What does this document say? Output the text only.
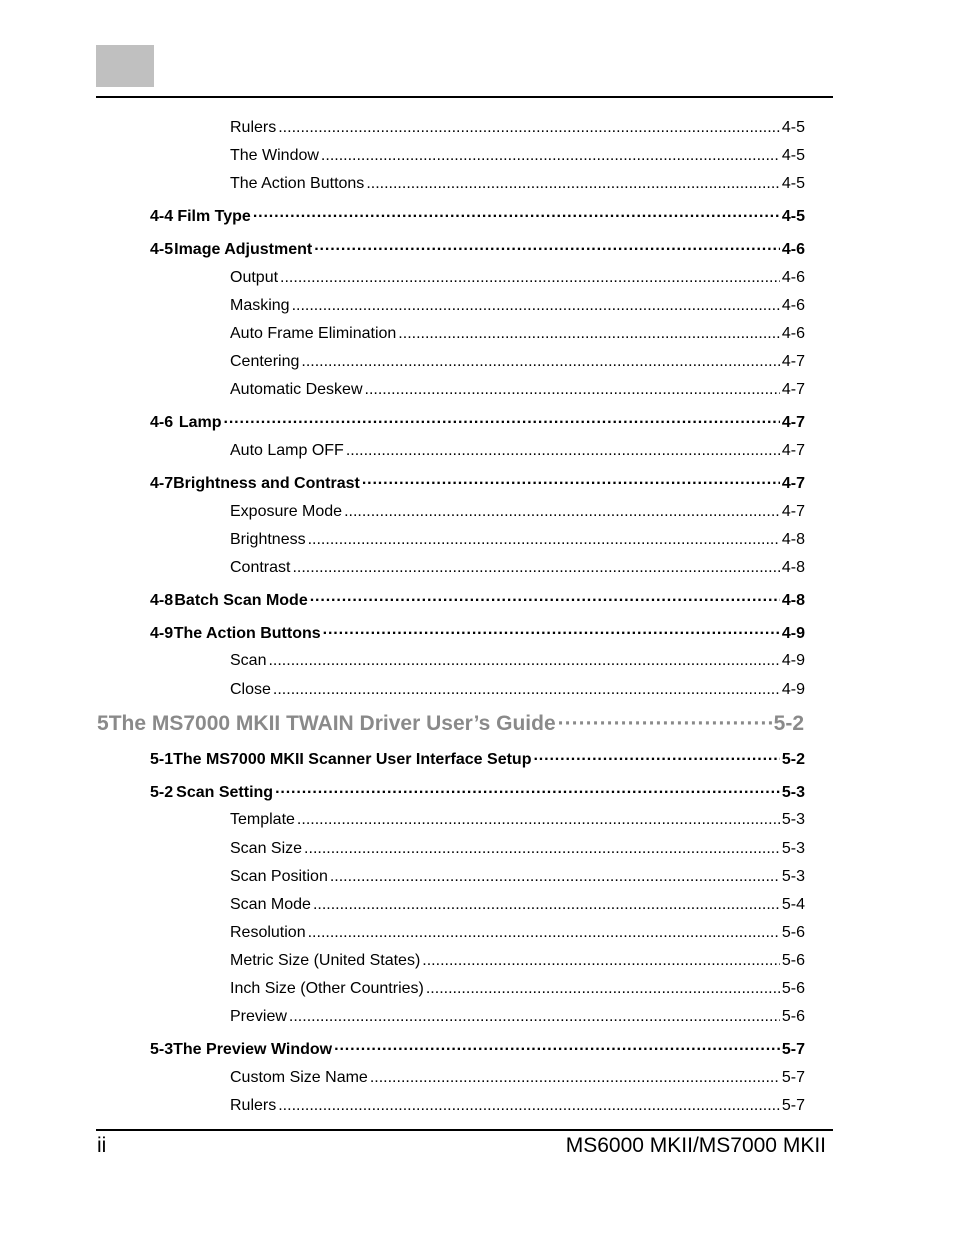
Rulers .....	4-5
The Window .....	4-5
The Action Buttons .....	4-5
4-4 Film Type ·····	4-5
4-5 Image Adjustment ·····	4-6
Output .....	4-6
Masking .....	4-6
Auto Frame Elimination .....	4-6
Centering .....	4-7
Automatic Deskew .....	4-7
4-6 Lamp ·····	4-7
Auto Lamp OFF .....	4-7
4-7 Brightness and Contrast ·····	4-7
Exposure Mode .....	4-7
Brightness .....	4-8
Contrast .....	4-8
4-8 Batch Scan Mode ·····	4-8
4-9 The Action Buttons ·····	4-9
Scan .....	4-9
Close .....	4-9
5 The MS7000 MKII TWAIN Driver User’s Guide ·····	5-2
5-1 The MS7000 MKII Scanner User Interface Setup ·····	5-2
5-2 Scan Setting ·····	5-3
Template .....	5-3
Scan Size .....	5-3
Scan Position .....	5-3
Scan Mode .....	5-4
Resolution .....	5-6
Metric Size (United States) .....	5-6
Inch Size (Other Countries) .....	5-6
Preview .....	5-6
5-3 The Preview Window ·····	5-7
Custom Size Name .....	5-7
Rulers .....	5-7
ii	MS6000 MKII/MS7000 MKII
